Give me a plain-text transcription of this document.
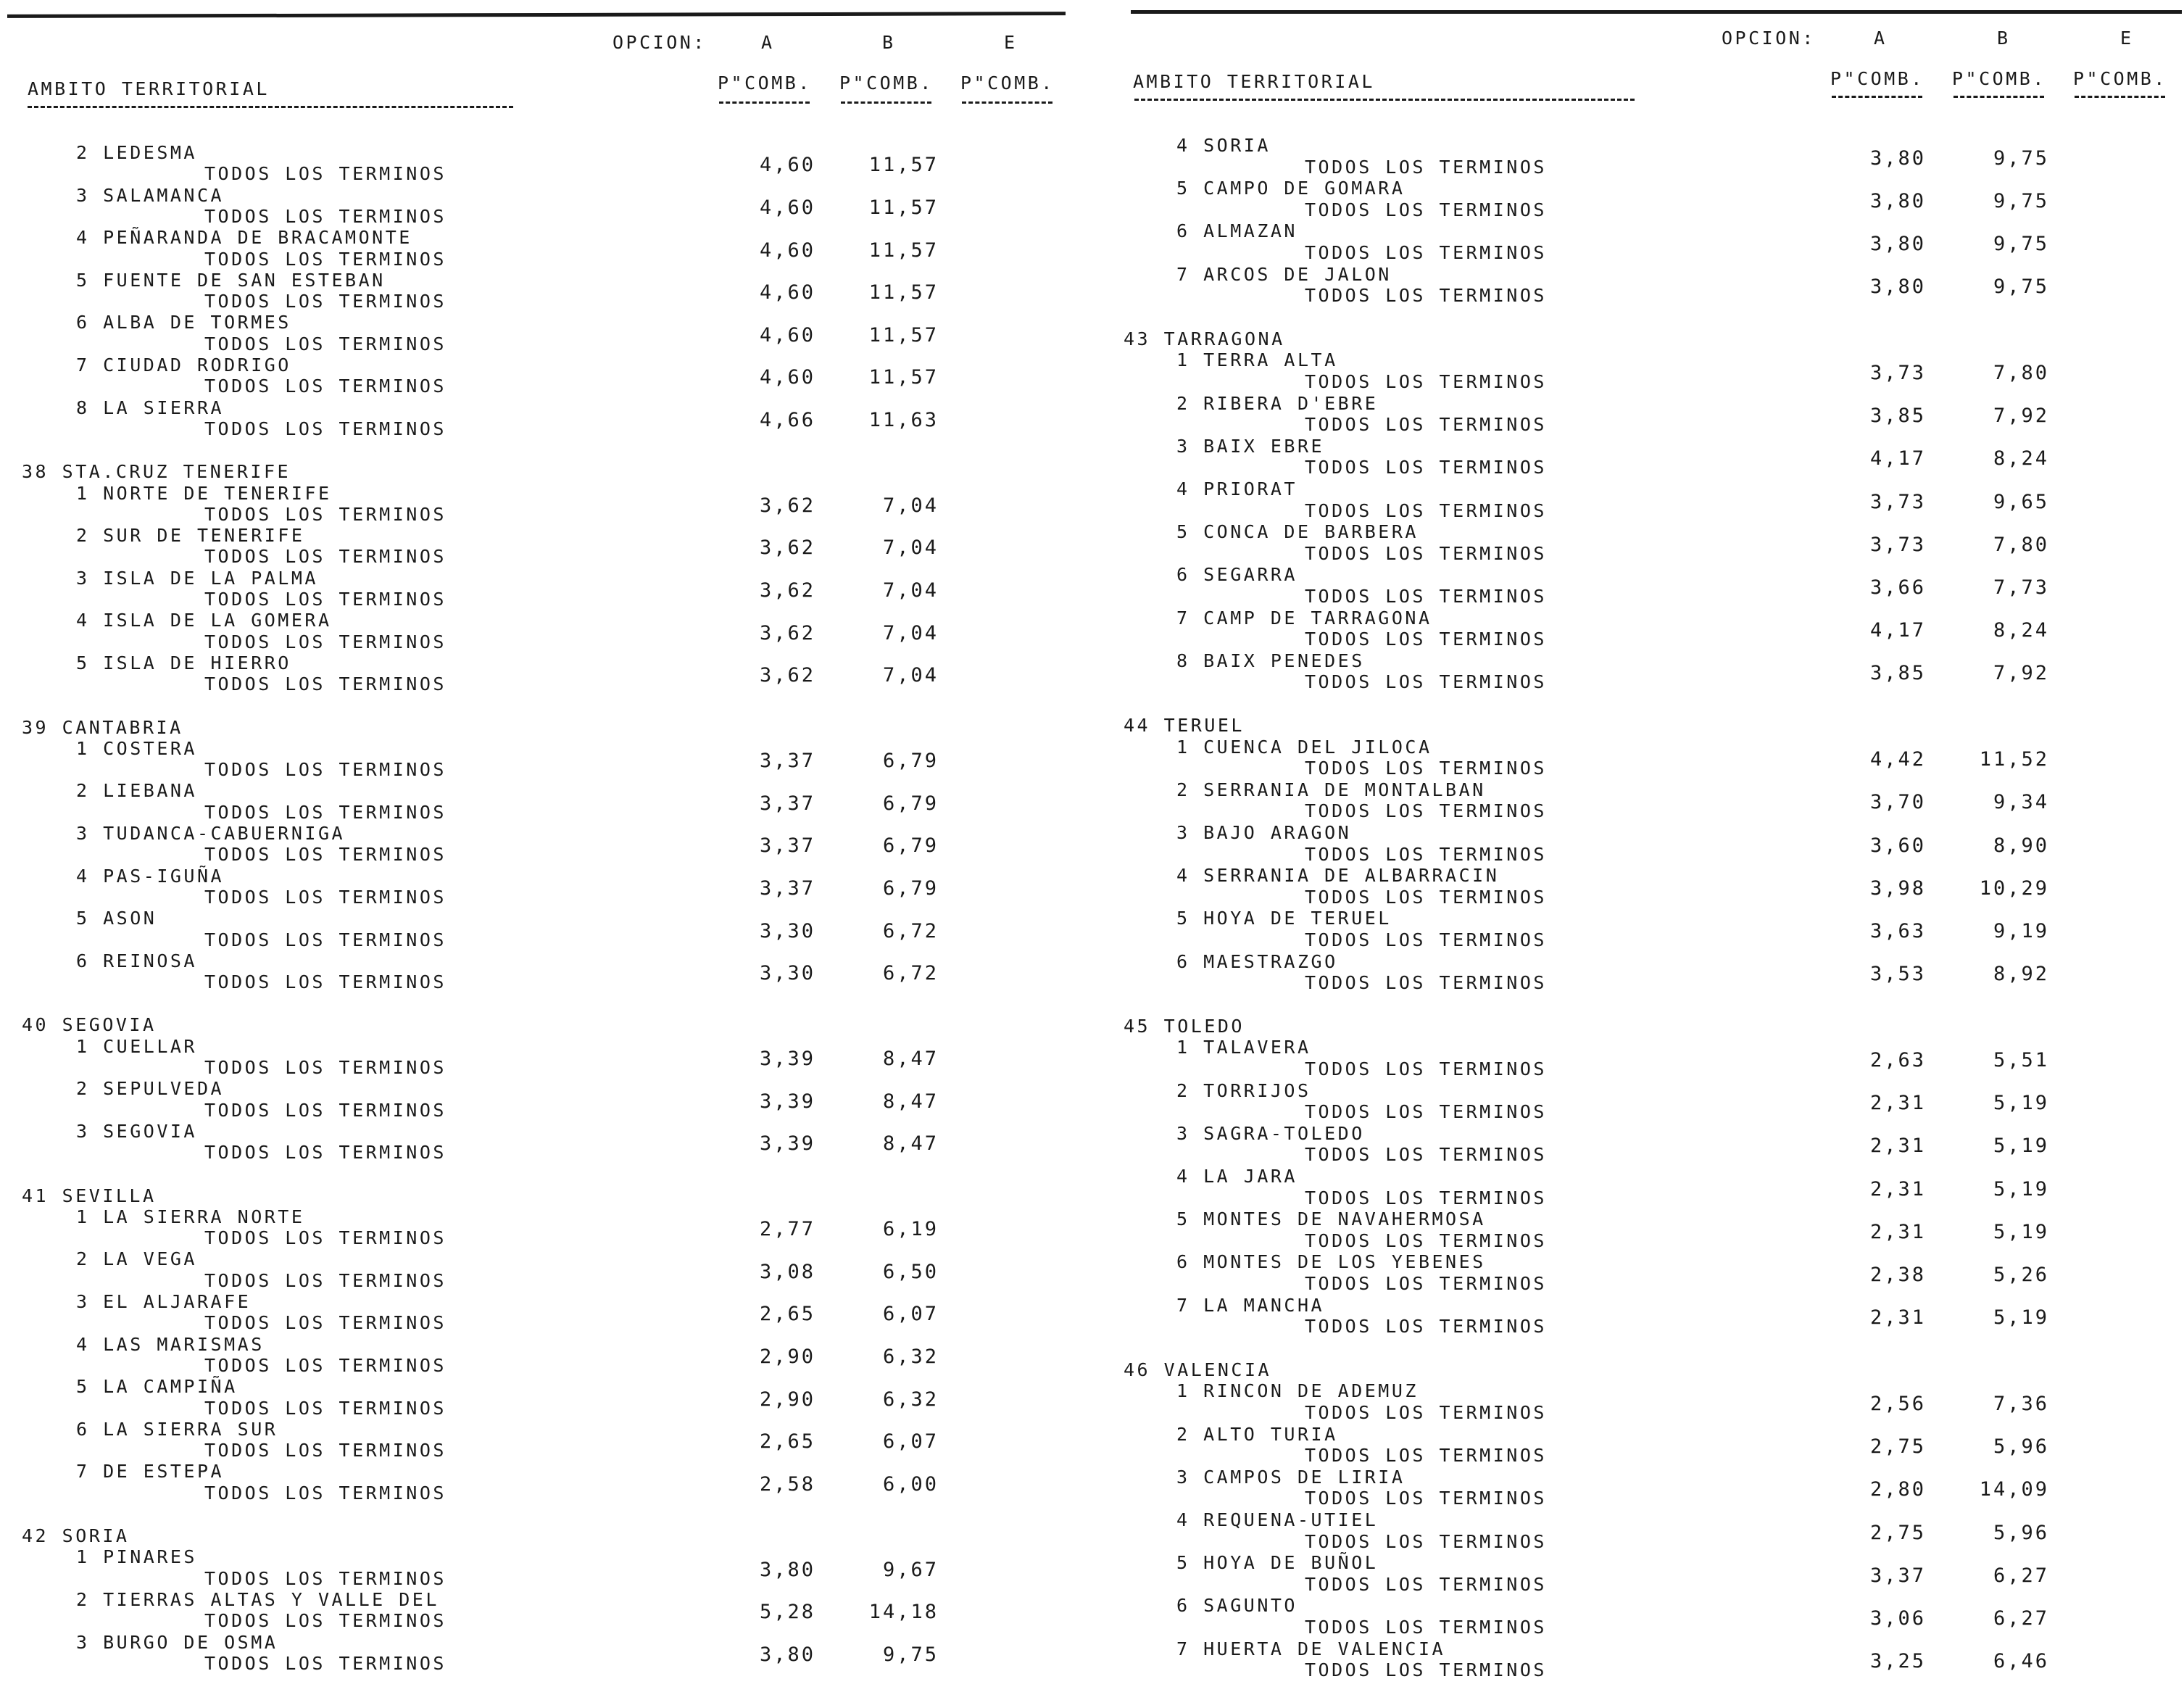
OPCION:	A	B	E
AMBITO TERRITORIAL	P"COMB. P"COMB. P"COMB.
2 LEDESMA
TODOS LOS TERMINOS	4,60	11,57
3 SALAMANCA
TODOS LOS TERMINOS	4,60	11,57
4 PEÑARANDA DE BRACAMONTE
TODOS LOS TERMINOS	4,60	11,57
5 FUENTE DE SAN ESTEBAN
TODOS LOS TERMINOS	4,60	11,57
6 ALBA DE TORMES
TODOS LOS TERMINOS	4,60	11,57
7 CIUDAD RODRIGO
TODOS LOS TERMINOS	4,60	11,57
8 LA SIERRA
TODOS LOS TERMINOS	4,66	11,63
38 STA.CRUZ TENERIFE
1 NORTE DE TENERIFE
TODOS LOS TERMINOS	3,62	7,04
2 SUR DE TENERIFE
TODOS LOS TERMINOS	3,62	7,04
3 ISLA DE LA PALMA
TODOS LOS TERMINOS	3,62	7,04
4 ISLA DE LA GOMERA
TODOS LOS TERMINOS	3,62	7,04
5 ISLA DE HIERRO
TODOS LOS TERMINOS	3,62	7,04
39 CANTABRIA
1 COSTERA
TODOS LOS TERMINOS	3,37	6,79
2 LIEBANA
TODOS LOS TERMINOS	3,37	6,79
3 TUDANCA-CABUERNIGA
TODOS LOS TERMINOS	3,37	6,79
4 PAS-IGUÑA
TODOS LOS TERMINOS	3,37	6,79
5 ASON
TODOS LOS TERMINOS	3,30	6,72
6 REINOSA
TODOS LOS TERMINOS	3,30	6,72
40 SEGOVIA
1 CUELLAR
TODOS LOS TERMINOS	3,39	8,47
2 SEPULVEDA
TODOS LOS TERMINOS	3,39	8,47
3 SEGOVIA
TODOS LOS TERMINOS	3,39	8,47
41 SEVILLA
1 LA SIERRA NORTE
TODOS LOS TERMINOS	2,77	6,19
2 LA VEGA
TODOS LOS TERMINOS	3,08	6,50
3 EL ALJARAFE
TODOS LOS TERMINOS	2,65	6,07
4 LAS MARISMAS
TODOS LOS TERMINOS	2,90	6,32
5 LA CAMPIÑA
TODOS LOS TERMINOS	2,90	6,32
6 LA SIERRA SUR
TODOS LOS TERMINOS	2,65	6,07
7 DE ESTEPA
TODOS LOS TERMINOS	2,58	6,00
42 SORIA
1 PINARES
TODOS LOS TERMINOS	3,80	9,67
2 TIERRAS ALTAS Y VALLE DEL
TODOS LOS TERMINOS	5,28	14,18
3 BURGO DE OSMA
TODOS LOS TERMINOS	3,80	9,75
OPCION:	A	B	E
AMBITO TERRITORIAL	P"COMB. P"COMB. P"COMB.
4 SORIA
TODOS LOS TERMINOS	3,80	9,75
5 CAMPO DE GOMARA
TODOS LOS TERMINOS	3,80	9,75
6 ALMAZAN
TODOS LOS TERMINOS	3,80	9,75
7 ARCOS DE JALON
TODOS LOS TERMINOS	3,80	9,75
43 TARRAGONA
1 TERRA ALTA
TODOS LOS TERMINOS	3,73	7,80
2 RIBERA D'EBRE
TODOS LOS TERMINOS	3,85	7,92
3 BAIX EBRE
TODOS LOS TERMINOS	4,17	8,24
4 PRIORAT
TODOS LOS TERMINOS	3,73	9,65
5 CONCA DE BARBERA
TODOS LOS TERMINOS	3,73	7,80
6 SEGARRA
TODOS LOS TERMINOS	3,66	7,73
7 CAMP DE TARRAGONA
TODOS LOS TERMINOS	4,17	8,24
8 BAIX PENEDES
TODOS LOS TERMINOS	3,85	7,92
44 TERUEL
1 CUENCA DEL JILOCA
TODOS LOS TERMINOS	4,42	11,52
2 SERRANIA DE MONTALBAN
TODOS LOS TERMINOS	3,70	9,34
3 BAJO ARAGON
TODOS LOS TERMINOS	3,60	8,90
4 SERRANIA DE ALBARRACIN
TODOS LOS TERMINOS	3,98	10,29
5 HOYA DE TERUEL
TODOS LOS TERMINOS	3,63	9,19
6 MAESTRAZGO
TODOS LOS TERMINOS	3,53	8,92
45 TOLEDO
1 TALAVERA
TODOS LOS TERMINOS	2,63	5,51
2 TORRIJOS
TODOS LOS TERMINOS	2,31	5,19
3 SAGRA-TOLEDO
TODOS LOS TERMINOS	2,31	5,19
4 LA JARA
TODOS LOS TERMINOS	2,31	5,19
5 MONTES DE NAVAHERMOSA
TODOS LOS TERMINOS	2,31	5,19
6 MONTES DE LOS YEBENES
TODOS LOS TERMINOS	2,38	5,26
7 LA MANCHA
TODOS LOS TERMINOS	2,31	5,19
46 VALENCIA
1 RINCON DE ADEMUZ
TODOS LOS TERMINOS	2,56	7,36
2 ALTO TURIA
TODOS LOS TERMINOS	2,75	5,96
3 CAMPOS DE LIRIA
TODOS LOS TERMINOS	2,80	14,09
4 REQUENA-UTIEL
TODOS LOS TERMINOS	2,75	5,96
5 HOYA DE BUÑOL
TODOS LOS TERMINOS	3,37	6,27
6 SAGUNTO
TODOS LOS TERMINOS	3,06	6,27
7 HUERTA DE VALENCIA
TODOS LOS TERMINOS	3,25	6,46
